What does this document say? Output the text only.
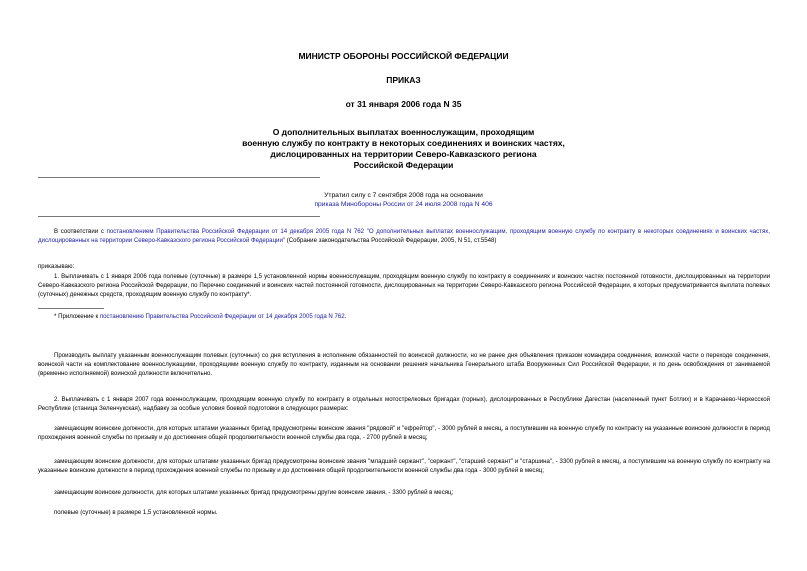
МИНИСТР ОБОРОНЫ РОССИЙСКОЙ ФЕДЕРАЦИИ
ПРИКАЗ
от 31 января 2006 года N 35
О дополнительных выплатах военнослужащим, проходящим
военную службу по контракту в некоторых соединениях и воинских частях,
дислоцированных на территории Северо-Кавказского региона
Российской Федерации
Утратил силу с 7 сентября 2008 года на основании
приказа Минобороны России от 24 июля 2008 года N 406
В соответствии с постановлением Правительства Российской Федерации от 14 декабря 2005 года N 762 "О дополнительных выплатах военнослужащим, проходящим военную службу по контракту в некоторых соединениях и воинских частях, дислоцированных на территории Северо-Кавказского региона Российской Федерации" (Собрание законодательства Российской Федерации, 2005, N 51, ст.5548)
приказываю:
1. Выплачивать с 1 января 2006 года полевые (суточные) в размере 1,5 установленной нормы военнослужащим, проходящим военную службу по контракту в соединениях и воинских частях постоянной готовности, дислоцированных на территории Северо-Кавказского региона Российской Федерации, по Перечню соединений и воинских частей постоянной готовности, дислоцированных на территории Северо-Кавказского региона Российской Федерации, в которых предусматривается выплата полевых (суточных) денежных средств, проходящим военную службу по контракту*.
* Приложение к постановлению Правительства Российской Федерации от 14 декабря 2005 года N 762.
Производить выплату указанным военнослужащим полевых (суточных) со дня вступления в исполнение обязанностей по воинской должности, но не ранее дня объявления приказом командира соединения, воинской части о переходе соединения, воинской части на комплектование военнослужащими, проходящими военную службу по контракту, изданным на основании решения начальника Генерального штаба Вооруженных Сил Российской Федерации, и по день освобождения от занимаемой (временно исполняемой) воинской должности включительно.
2. Выплачивать с 1 января 2007 года военнослужащим, проходящим военную службу по контракту в отдельных мотострелковых бригадах (горных), дислоцированных в Республике Дагестан (населенный пункт Ботлих) и в Карачаево-Черкесской Республике (станица Зеленчукская), надбавку за особые условия боевой подготовки в следующих размерах:
замещающим воинские должности, для которых штатами указанных бригад предусмотрены воинские звания "рядовой" и "ефрейтор", - 3000 рублей в месяц, а поступившим на военную службу по контракту на указанные воинские должности в период прохождения военной службы по призыву и до достижения общей продолжительности военной службы два года, - 2700 рублей в месяц;
замещающим воинские должности, для которых штатами указанных бригад предусмотрены воинские звания "младший сержант", "сержант", "старший сержант" и "старшина", - 3300 рублей в месяц, а поступившим на военную службу по контракту на указанные воинские должности в период прохождения военной службы по призыву и до достижения общей продолжительности военной службы два года - 3000 рублей в месяц;
замещающим воинские должности, для которых штатами указанных бригад предусмотрены другие воинские звания, - 3300 рублей в месяц;
полевые (суточные) в размере 1,5 установленной нормы.
